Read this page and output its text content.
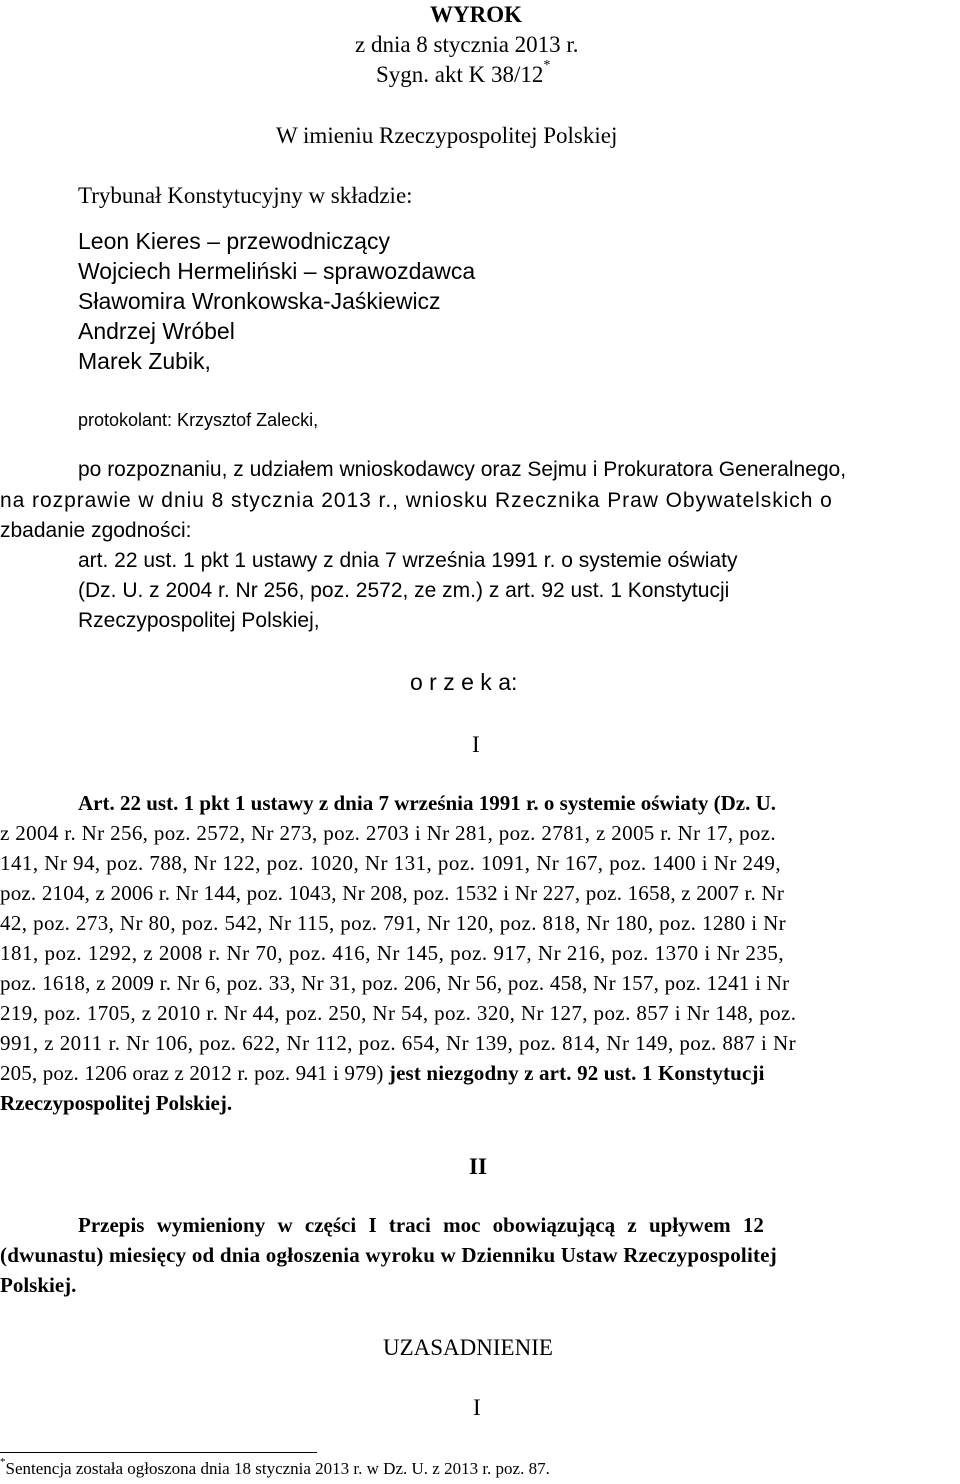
WYROK
z dnia 8 stycznia 2013 r.
Sygn. akt K 38/12*
W imieniu Rzeczypospolitej Polskiej
Trybunał Konstytucyjny w składzie:
Leon Kieres – przewodniczący
Wojciech Hermeliński – sprawozdawca
Sławomira Wronkowska-Jaśkiewicz
Andrzej Wróbel
Marek Zubik,
protokolant: Krzysztof Zalecki,
po rozpoznaniu, z udziałem wnioskodawcy oraz Sejmu i Prokuratora Generalnego,
na rozprawie w dniu 8 stycznia 2013 r., wniosku Rzecznika Praw Obywatelskich o
zbadanie zgodności:
art. 22 ust. 1 pkt 1 ustawy z dnia 7 września 1991 r. o systemie oświaty
(Dz. U. z 2004 r. Nr 256, poz. 2572, ze zm.) z art. 92 ust. 1 Konstytucji
Rzeczypospolitej Polskiej,
o r z e k a:
I
Art. 22 ust. 1 pkt 1 ustawy z dnia 7 września 1991 r. o systemie oświaty (Dz. U.
z 2004 r. Nr 256, poz. 2572, Nr 273, poz. 2703 i Nr 281, poz. 2781, z 2005 r. Nr 17, poz.
141, Nr 94, poz. 788, Nr 122, poz. 1020, Nr 131, poz. 1091, Nr 167, poz. 1400 i Nr 249,
poz. 2104, z 2006 r. Nr 144, poz. 1043, Nr 208, poz. 1532 i Nr 227, poz. 1658, z 2007 r. Nr
42, poz. 273, Nr 80, poz. 542, Nr 115, poz. 791, Nr 120, poz. 818, Nr 180, poz. 1280 i Nr
181, poz. 1292, z 2008 r. Nr 70, poz. 416, Nr 145, poz. 917, Nr 216, poz. 1370 i Nr 235,
poz. 1618, z 2009 r. Nr 6, poz. 33, Nr 31, poz. 206, Nr 56, poz. 458, Nr 157, poz. 1241 i Nr
219, poz. 1705, z 2010 r. Nr 44, poz. 250, Nr 54, poz. 320, Nr 127, poz. 857 i Nr 148, poz.
991, z 2011 r. Nr 106, poz. 622, Nr 112, poz. 654, Nr 139, poz. 814, Nr 149, poz. 887 i Nr
205, poz. 1206 oraz z 2012 r. poz. 941 i 979) jest niezgodny z art. 92 ust. 1 Konstytucji
Rzeczypospolitej Polskiej.
II
Przepis wymieniony w części I traci moc obowiązującą z upływem 12
(dwunastu) miesięcy od dnia ogłoszenia wyroku w Dzienniku Ustaw Rzeczypospolitej
Polskiej.
UZASADNIENIE
I
*Sentencja została ogłoszona dnia 18 stycznia 2013 r. w Dz. U. z 2013 r. poz. 87.
